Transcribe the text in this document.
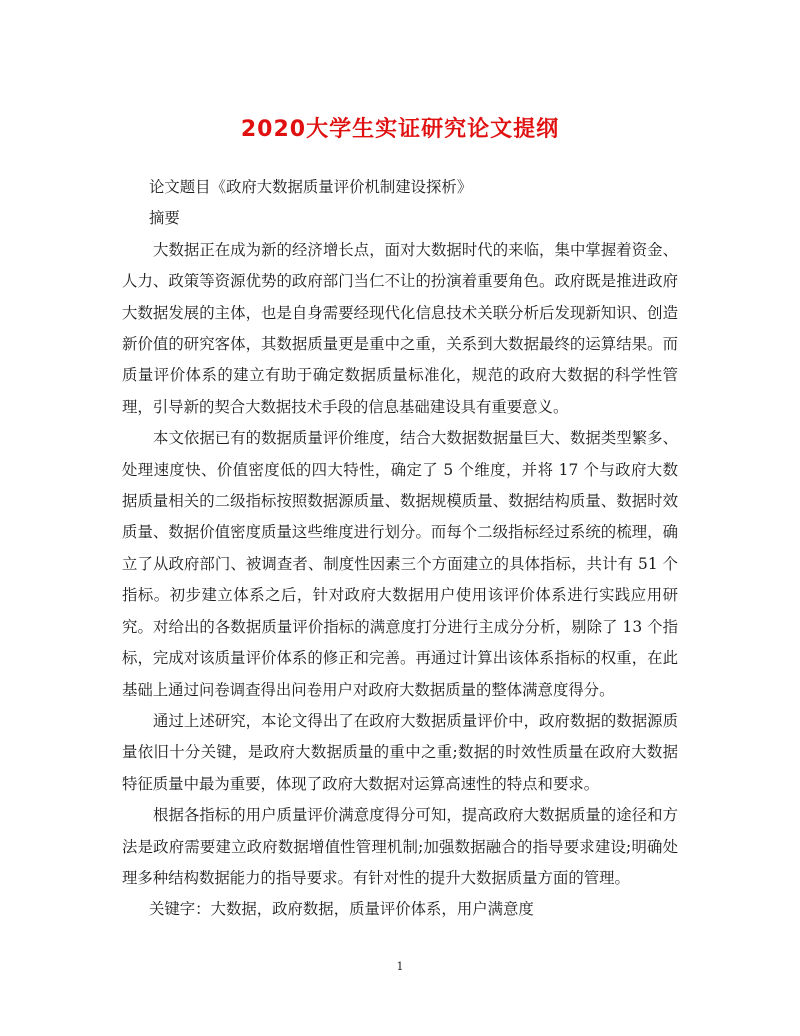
2020大学生实证研究论文提纲

论文题目《政府大数据质量评价机制建设探析》

摘要

大数据正在成为新的经济增长点，面对大数据时代的来临，集中掌握着资金、人力、政策等资源优势的政府部门当仁不让的扮演着重要角色。政府既是推进政府大数据发展的主体，也是自身需要经现代化信息技术关联分析后发现新知识、创造新价值的研究客体，其数据质量更是重中之重，关系到大数据最终的运算结果。而质量评价体系的建立有助于确定数据质量标准化，规范的政府大数据的科学性管理，引导新的契合大数据技术手段的信息基础建设具有重要意义。

本文依据已有的数据质量评价维度，结合大数据数据量巨大、数据类型繁多、处理速度快、价值密度低的四大特性，确定了 5 个维度，并将 17 个与政府大数据质量相关的二级指标按照数据源质量、数据规模质量、数据结构质量、数据时效质量、数据价值密度质量这些维度进行划分。而每个二级指标经过系统的梳理，确立了从政府部门、被调查者、制度性因素三个方面建立的具体指标，共计有 51 个指标。初步建立体系之后，针对政府大数据用户使用该评价体系进行实践应用研究。对给出的各数据质量评价指标的满意度打分进行主成分分析，剔除了 13 个指标，完成对该质量评价体系的修正和完善。再通过计算出该体系指标的权重，在此基础上通过问卷调查得出问卷用户对政府大数据质量的整体满意度得分。

通过上述研究，本论文得出了在政府大数据质量评价中，政府数据的数据源质量依旧十分关键，是政府大数据质量的重中之重;数据的时效性质量在政府大数据特征质量中最为重要，体现了政府大数据对运算高速性的特点和要求。

根据各指标的用户质量评价满意度得分可知，提高政府大数据质量的途径和方法是政府需要建立政府数据增值性管理机制;加强数据融合的指导要求建设;明确处理多种结构数据能力的指导要求。有针对性的提升大数据质量方面的管理。

关键字：大数据，政府数据，质量评价体系，用户满意度

1
